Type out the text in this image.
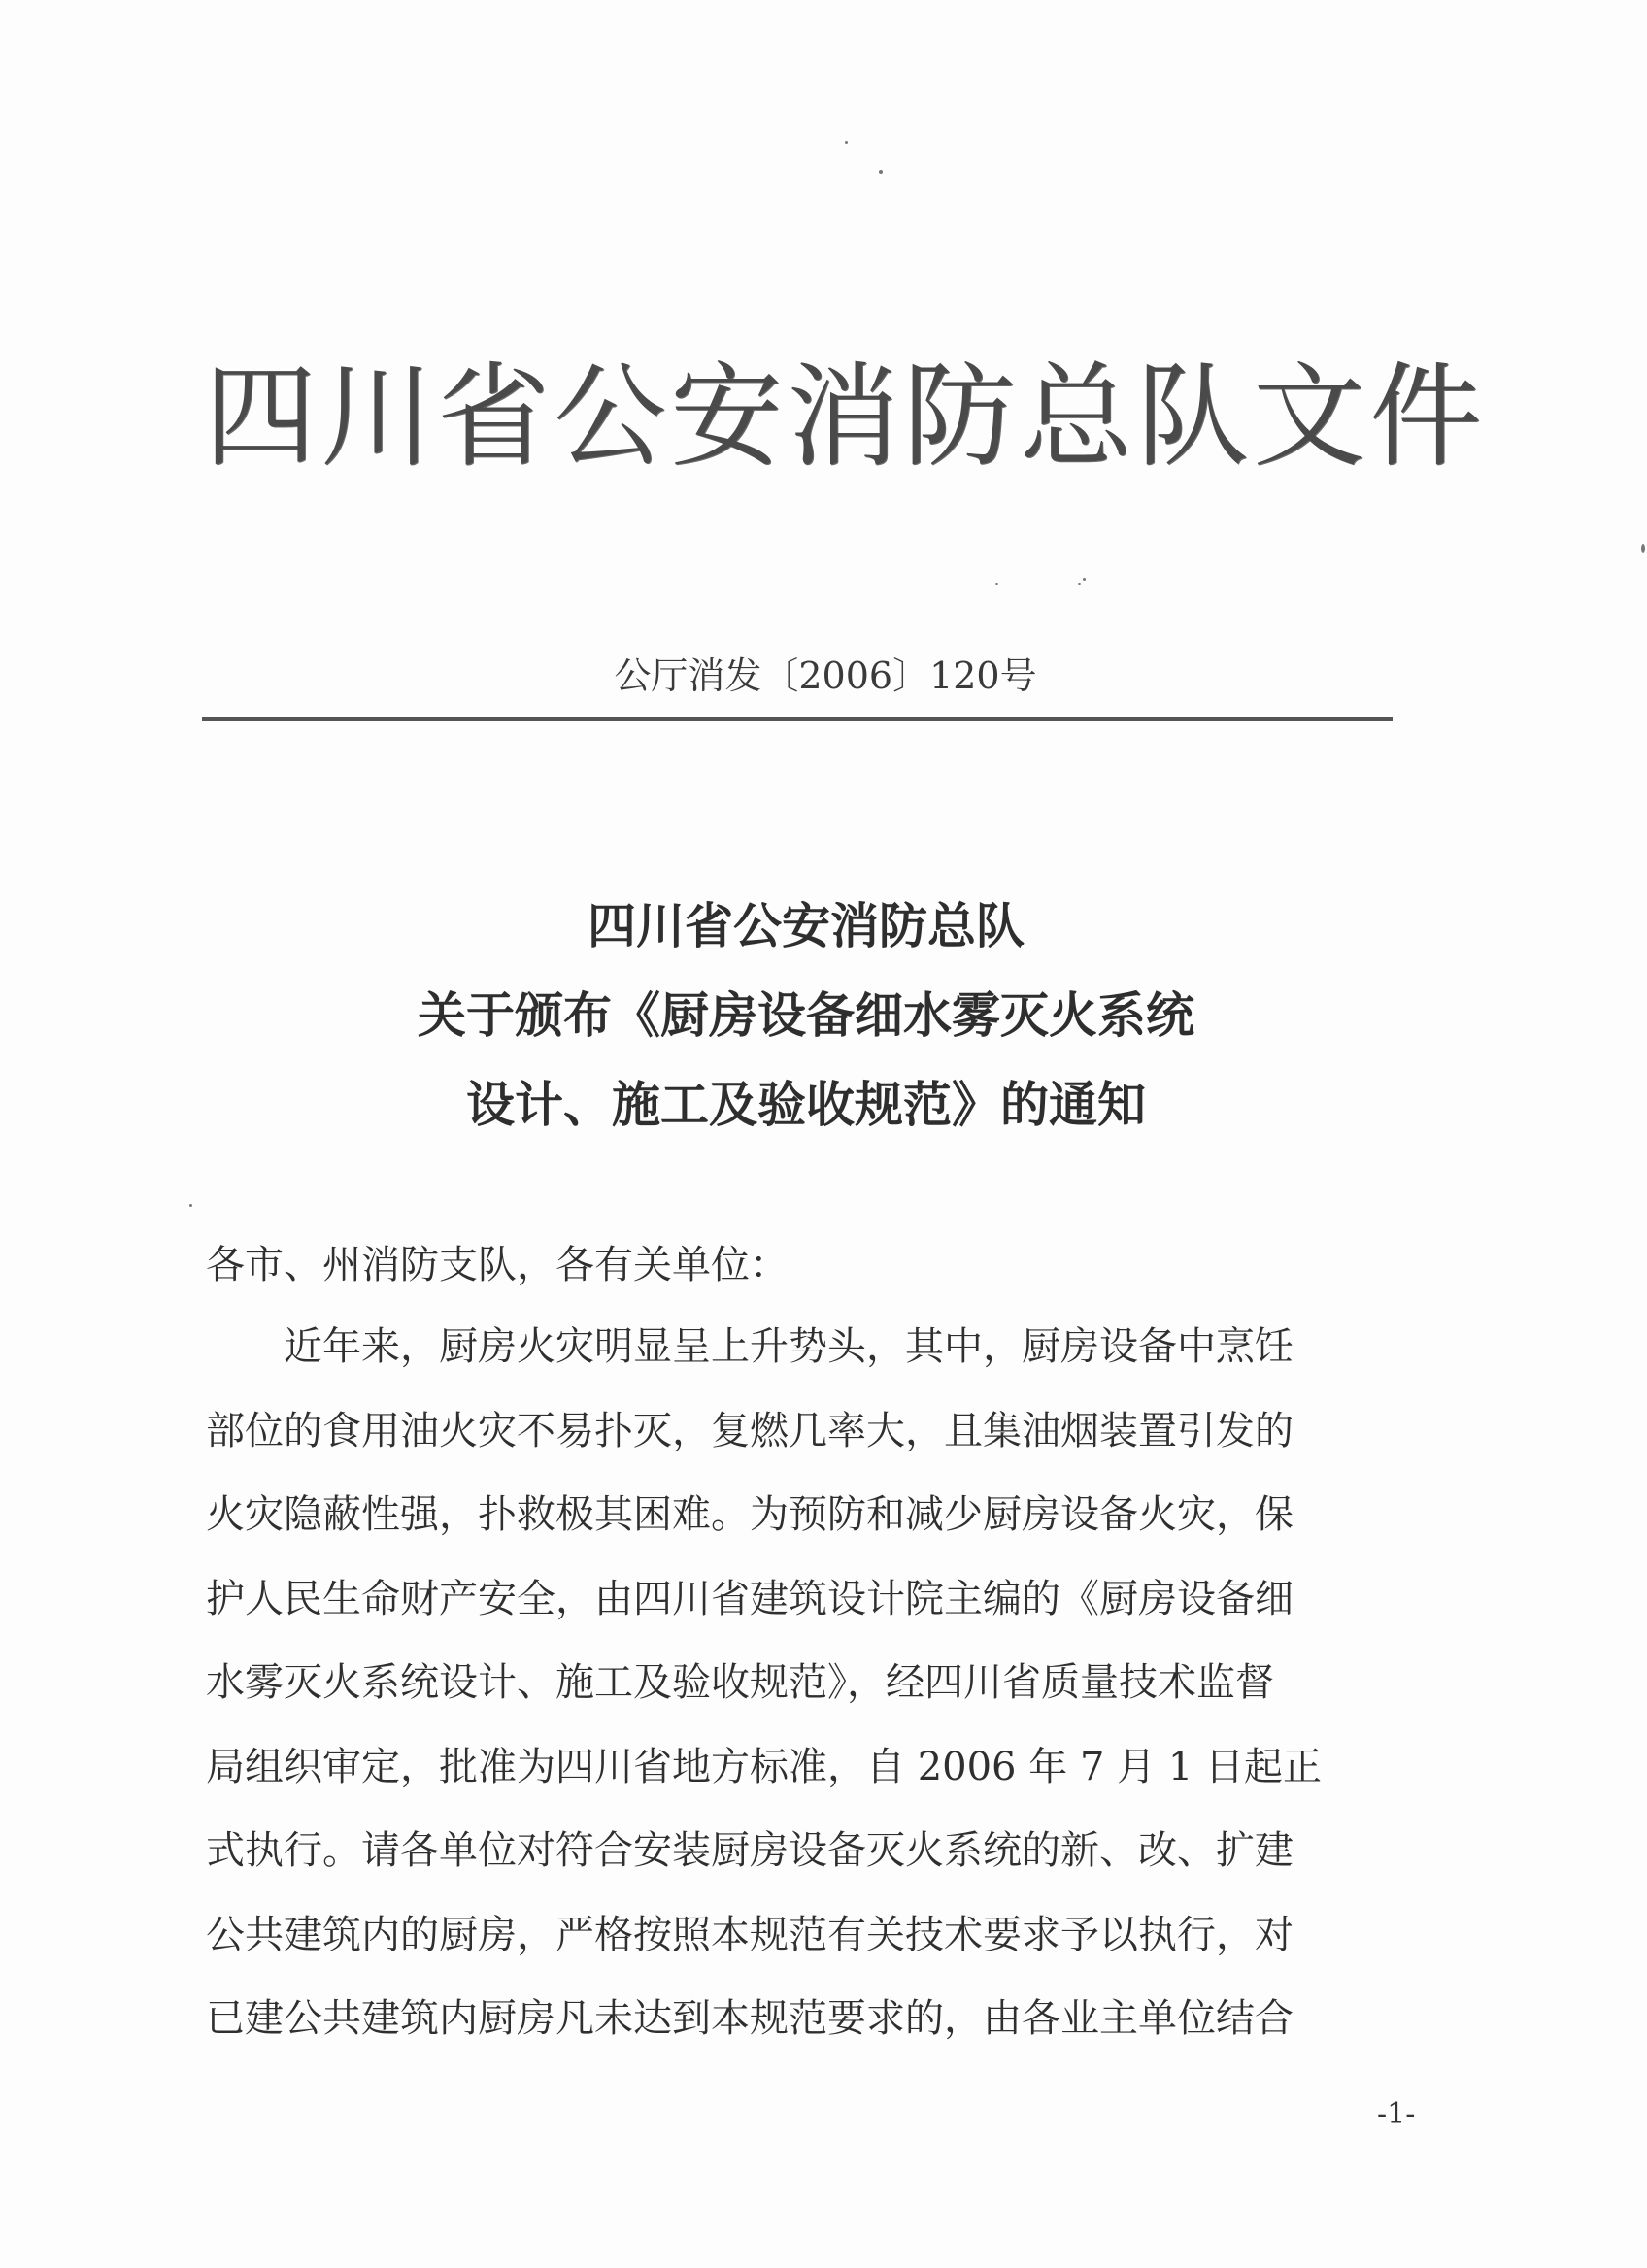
四川省公安消防总队文件
公厅消发〔2006〕120号
四川省公安消防总队
关于颁布《厨房设备细水雾灭火系统
设计、施工及验收规范》的通知
各市、州消防支队，各有关单位：
近年来，厨房火灾明显呈上升势头，其中，厨房设备中烹饪
部位的食用油火灾不易扑灭，复燃几率大，且集油烟装置引发的
火灾隐蔽性强，扑救极其困难。为预防和减少厨房设备火灾，保
护人民生命财产安全，由四川省建筑设计院主编的《厨房设备细
水雾灭火系统设计、施工及验收规范》，经四川省质量技术监督
局组织审定，批准为四川省地方标准，自 2006 年 7 月 1 日起正
式执行。请各单位对符合安装厨房设备灭火系统的新、改、扩建
公共建筑内的厨房，严格按照本规范有关技术要求予以执行，对
已建公共建筑内厨房凡未达到本规范要求的，由各业主单位结合
-1-
